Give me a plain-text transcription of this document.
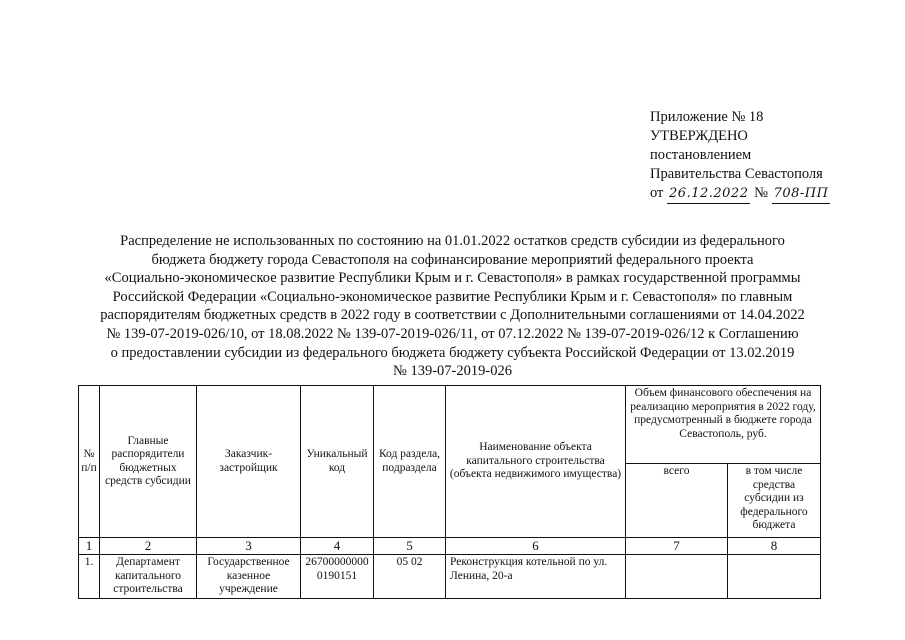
Приложение № 18
УТВЕРЖДЕНО
постановлением
Правительства Севастополя
от 26.12.2022 № 708-ПП
Распределение не использованных по состоянию на 01.01.2022 остатков средств субсидии из федерального
бюджета бюджету города Севастополя на софинансирование мероприятий федерального проекта
«Социально-экономическое развитие Республики Крым и г. Севастополя» в рамках государственной программы
Российской Федерации «Социально-экономическое развитие Республики Крым и г. Севастополя» по главным
распорядителям бюджетных средств в 2022 году в соответствии с Дополнительными соглашениями от 14.04.2022
№ 139-07-2019-026/10, от 18.08.2022 № 139-07-2019-026/11, от 07.12.2022 № 139-07-2019-026/12 к Соглашению
о предоставлении субсидии из федерального бюджета бюджету субъекта Российской Федерации от 13.02.2019
№ 139-07-2019-026
№ п/п	Главные распорядители бюджетных средств субсидии	Заказчик-застройщик	Уникальный код	Код раздела, подраздела	Наименование объекта капитального строительства (объекта недвижимого имущества)	Объем финансового обеспечения на реализацию мероприятия в 2022 году, предусмотренный в бюджете города Севастополь, руб.	
						всего	в том числе средства субсидии из федерального бюджета
1	2	3	4	5	6	7	8
1.	Департамент капитального строительства	Государственное казенное учреждение	26700000000 0190151	05 02	Реконструкция котельной по ул. Ленина, 20-а		
